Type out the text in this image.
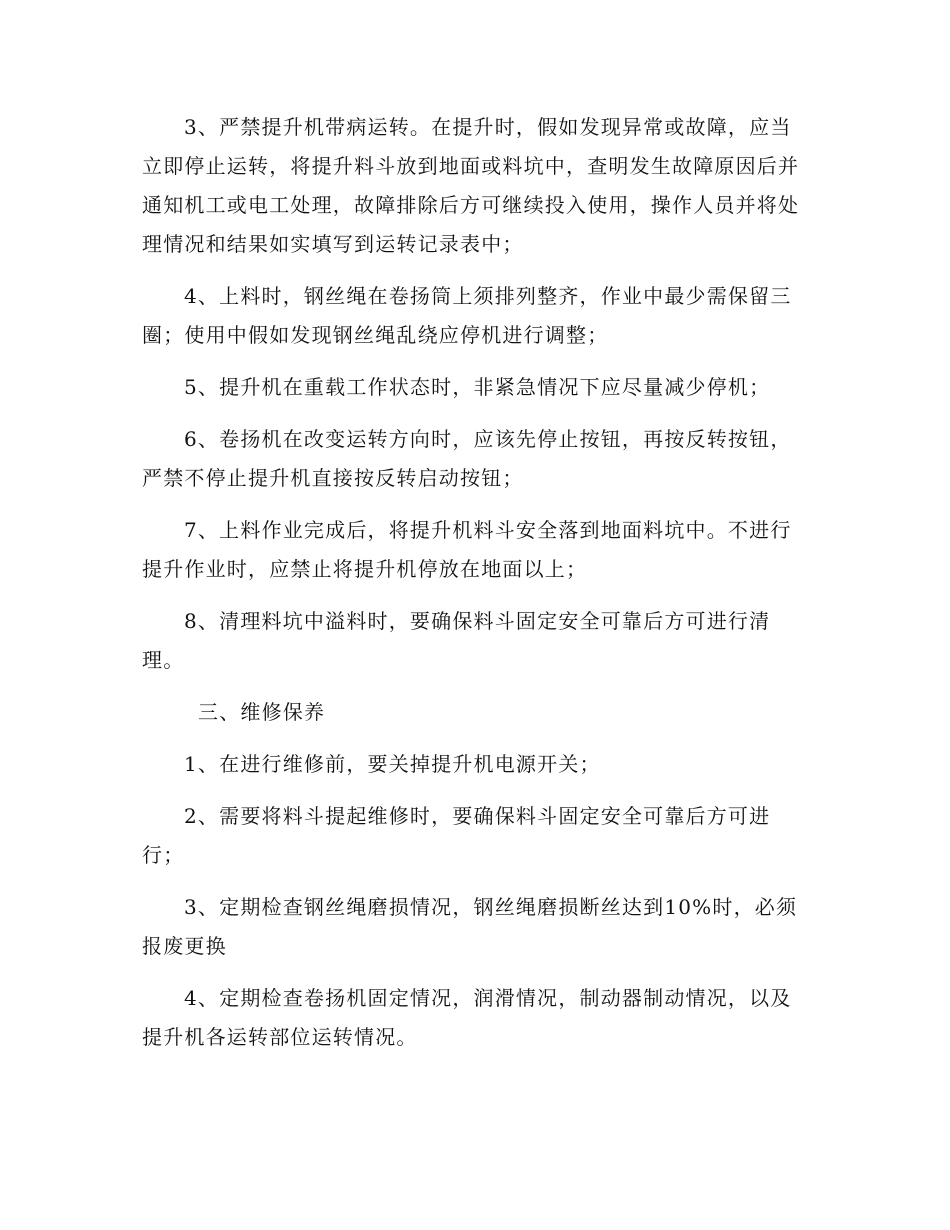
3、严禁提升机带病运转。在提升时，假如发现异常或故障，应当立即停止运转，将提升料斗放到地面或料坑中，查明发生故障原因后并通知机工或电工处理，故障排除后方可继续投入使用，操作人员并将处理情况和结果如实填写到运转记录表中；

4、上料时，钢丝绳在卷扬筒上须排列整齐，作业中最少需保留三圈；使用中假如发现钢丝绳乱绕应停机进行调整；

5、提升机在重载工作状态时，非紧急情况下应尽量减少停机；

6、卷扬机在改变运转方向时，应该先停止按钮，再按反转按钮，严禁不停止提升机直接按反转启动按钮；

7、上料作业完成后，将提升机料斗安全落到地面料坑中。不进行提升作业时，应禁止将提升机停放在地面以上；

8、清理料坑中溢料时，要确保料斗固定安全可靠后方可进行清理。

三、维修保养

1、在进行维修前，要关掉提升机电源开关；

2、需要将料斗提起维修时，要确保料斗固定安全可靠后方可进行；

3、定期检查钢丝绳磨损情况，钢丝绳磨损断丝达到10%时，必须报废更换

4、定期检查卷扬机固定情况，润滑情况，制动器制动情况，以及提升机各运转部位运转情况。
